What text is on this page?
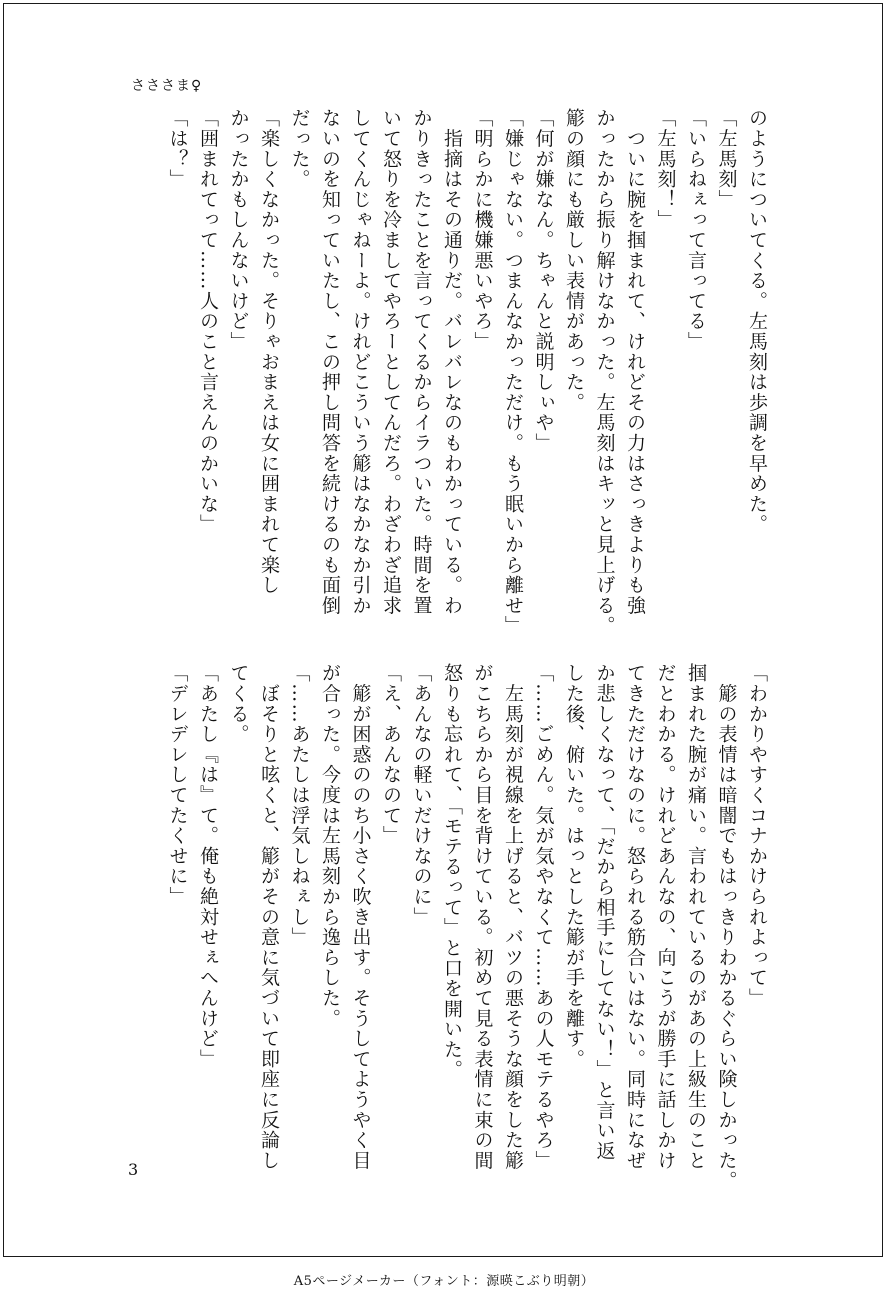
さささま♀

のようについてくる。左馬刻は歩調を早めた。

「左馬刻」

「いらねぇって言ってる」

「左馬刻！」

　ついに腕を掴まれて、けれどその力はさっきよりも強

かったから振り解けなかった。左馬刻はキッと見上げる。

簓の顔にも厳しい表情があった。

「何が嫌なん。ちゃんと説明しぃや」

「嫌じゃない。つまんなかっただけ。もう眠いから離せ」

「明らかに機嫌悪いやろ」

　指摘はその通りだ。バレバレなのもわかっている。わ

かりきったことを言ってくるからイラついた。時間を置

いて怒りを冷ましてやろーとしてんだろ。わざわざ追求

してくんじゃねーよ。けれどこういう簓はなかなか引か

ないのを知っていたし、この押し問答を続けるのも面倒

だった。

「楽しくなかった。そりゃおまえは女に囲まれて楽し

かったかもしんないけど」

「囲まれてって……人のこと言えんのかいな」

「は？」

「わかりやすくコナかけられよって」

　簓の表情は暗闇でもはっきりわかるぐらい険しかった。

掴まれた腕が痛い。言われているのがあの上級生のこと

だとわかる。けれどあんなの、向こうが勝手に話しかけ

てきただけなのに。怒られる筋合いはない。同時になぜ

か悲しくなって、「だから相手にしてない！」と言い返

した後、俯いた。はっとした簓が手を離す。

「……ごめん。気が気やなくて……あの人モテるやろ」

　左馬刻が視線を上げると、バツの悪そうな顔をした簓

がこちらから目を背けている。初めて見る表情に束の間

怒りも忘れて、「モテるって」と口を開いた。

「あんなの軽いだけなのに」

「え、あんなのて」

　簓が困惑ののち小さく吹き出す。そうしてようやく目

が合った。今度は左馬刻から逸らした。

「……あたしは浮気しねぇし」

　ぼそりと呟くと、簓がその意に気づいて即座に反論し

てくる。

「あたし『は』て。俺も絶対せぇへんけど」

「デレデレしてたくせに」

3
A5ページメーカー（フォント：源暎こぶり明朝）
